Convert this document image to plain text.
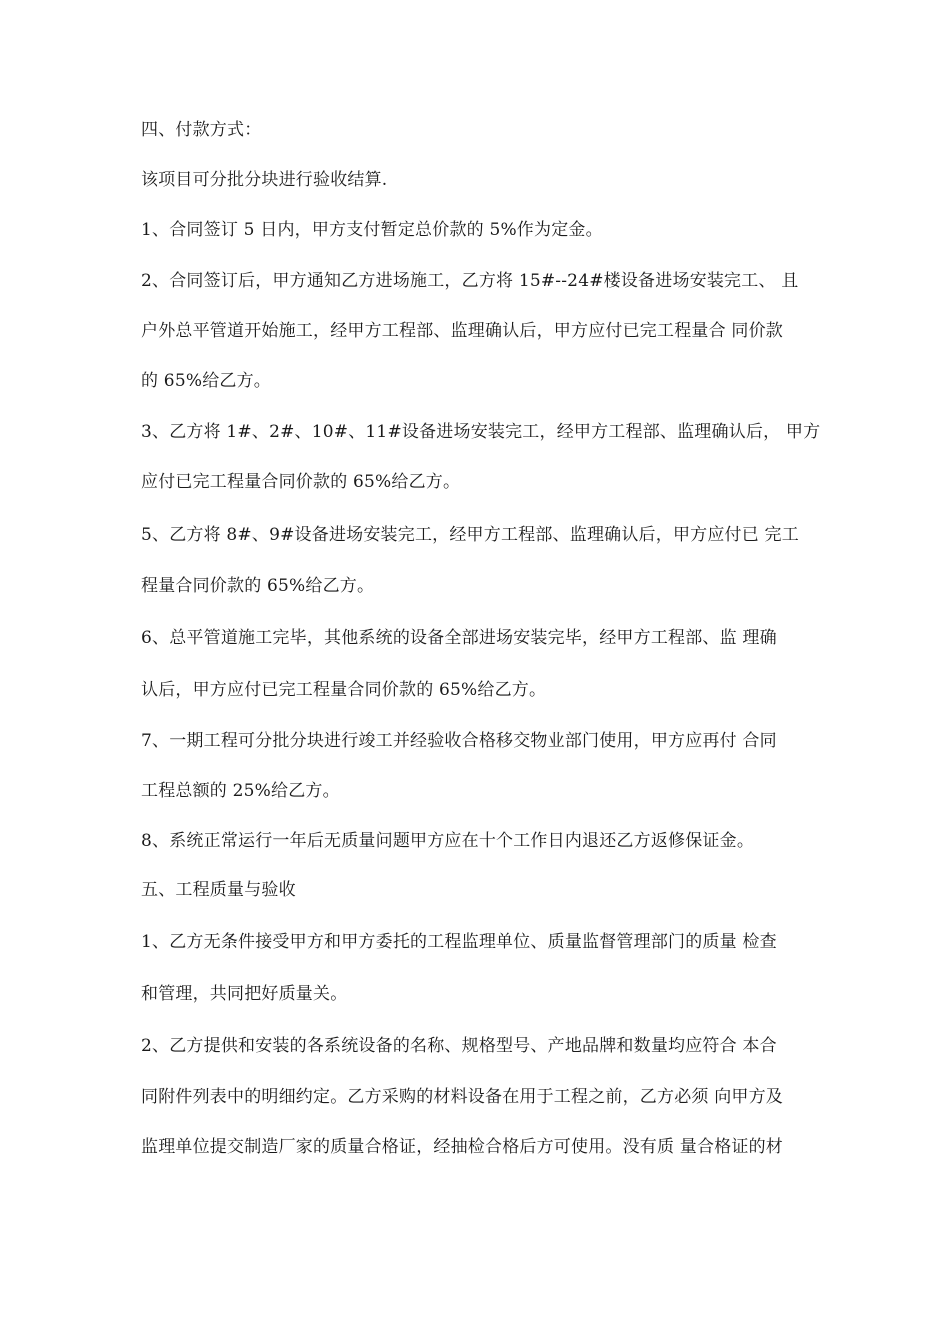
四、付款方式：
该项目可分批分块进行验收结算.
1、合同签订 5 日内，甲方支付暂定总价款的 5%作为定金。
2、合同签订后，甲方通知乙方进场施工，乙方将 15#--24#楼设备进场安装完工、 且
户外总平管道开始施工，经甲方工程部、监理确认后，甲方应付已完工程量合 同价款
的 65%给乙方。
3、乙方将 1#、2#、10#、11#设备进场安装完工，经甲方工程部、监理确认后， 甲方
应付已完工程量合同价款的 65%给乙方。
5、乙方将 8#、9#设备进场安装完工，经甲方工程部、监理确认后，甲方应付已 完工
程量合同价款的 65%给乙方。
6、总平管道施工完毕，其他系统的设备全部进场安装完毕，经甲方工程部、监 理确
认后，甲方应付已完工程量合同价款的 65%给乙方。
7、一期工程可分批分块进行竣工并经验收合格移交物业部门使用，甲方应再付 合同
工程总额的 25%给乙方。
8、系统正常运行一年后无质量问题甲方应在十个工作日内退还乙方返修保证金。
五、工程质量与验收
1、乙方无条件接受甲方和甲方委托的工程监理单位、质量监督管理部门的质量 检查
和管理，共同把好质量关。
2、乙方提供和安装的各系统设备的名称、规格型号、产地品牌和数量均应符合 本合
同附件列表中的明细约定。乙方采购的材料设备在用于工程之前，乙方必须 向甲方及
监理单位提交制造厂家的质量合格证，经抽检合格后方可使用。没有质 量合格证的材
